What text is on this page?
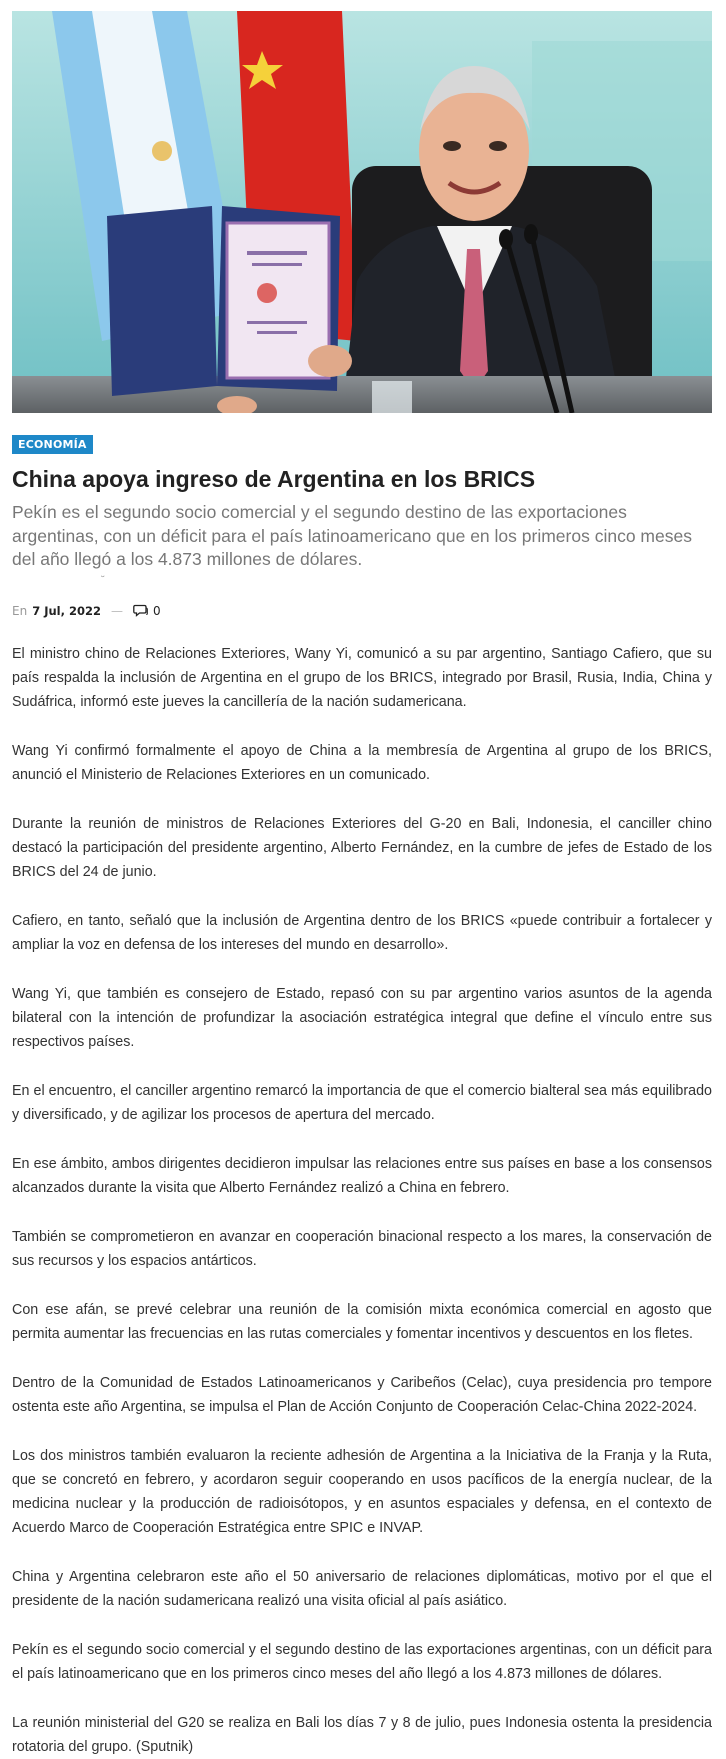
ECONOMÍA
China apoya ingreso de Argentina en los BRICS

Pekín es el segundo socio comercial y el segundo destino de las exportaciones argentinas, con un déficit para el país latinoamericano que en los primeros cinco meses del año llegó a los 4.873 millones de dólares.

˘
En 7 Jul, 2022 —	0

El ministro chino de Relaciones Exteriores, Wany Yi, comunicó a su par argentino, Santiago Cafiero, que su país respalda la inclusión de Argentina en el grupo de los BRICS, integrado por Brasil, Rusia, India, China y Sudáfrica, informó este jueves la cancillería de la nación sudamericana.

Wang Yi confirmó formalmente el apoyo de China a la membresía de Argentina al grupo de los BRICS, anunció el Ministerio de Relaciones Exteriores en un comunicado.

Durante la reunión de ministros de Relaciones Exteriores del G-20 en Bali, Indonesia, el canciller chino destacó la participación del presidente argentino, Alberto Fernández, en la cumbre de jefes de Estado de los BRICS del 24 de junio.

Cafiero, en tanto, señaló que la inclusión de Argentina dentro de los BRICS «puede contribuir a fortalecer y ampliar la voz en defensa de los intereses del mundo en desarrollo».

Wang Yi, que también es consejero de Estado, repasó con su par argentino varios asuntos de la agenda bilateral con la intención de profundizar la asociación estratégica integral que define el vínculo entre sus respectivos países.

En el encuentro, el canciller argentino remarcó la importancia de que el comercio bialteral sea más equilibrado y diversificado, y de agilizar los procesos de apertura del mercado.

En ese ámbito, ambos dirigentes decidieron impulsar las relaciones entre sus países en base a los consensos alcanzados durante la visita que Alberto Fernández realizó a China en febrero.

También se comprometieron en avanzar en cooperación binacional respecto a los mares, la conservación de sus recursos y los espacios antárticos.

Con ese afán, se prevé celebrar una reunión de la comisión mixta económica comercial en agosto que permita aumentar las frecuencias en las rutas comerciales y fomentar incentivos y descuentos en los fletes.

Dentro de la Comunidad de Estados Latinoamericanos y Caribeños (Celac), cuya presidencia pro tempore ostenta este año Argentina, se impulsa el Plan de Acción Conjunto de Cooperación Celac-China 2022-2024.

Los dos ministros también evaluaron la reciente adhesión de Argentina a la Iniciativa de la Franja y la Ruta, que se concretó en febrero, y acordaron seguir cooperando en usos pacíficos de la energía nuclear, de la medicina nuclear y la producción de radioisótopos, y en asuntos espaciales y defensa, en el contexto de Acuerdo Marco de Cooperación Estratégica entre SPIC e INVAP.

China y Argentina celebraron este año el 50 aniversario de relaciones diplomáticas, motivo por el que el presidente de la nación sudamericana realizó una visita oficial al país asiático.

Pekín es el segundo socio comercial y el segundo destino de las exportaciones argentinas, con un déficit para el país latinoamericano que en los primeros cinco meses del año llegó a los 4.873 millones de dólares.

La reunión ministerial del G20 se realiza en Bali los días 7 y 8 de julio, pues Indonesia ostenta la presidencia rotatoria del grupo. (Sputnik)
